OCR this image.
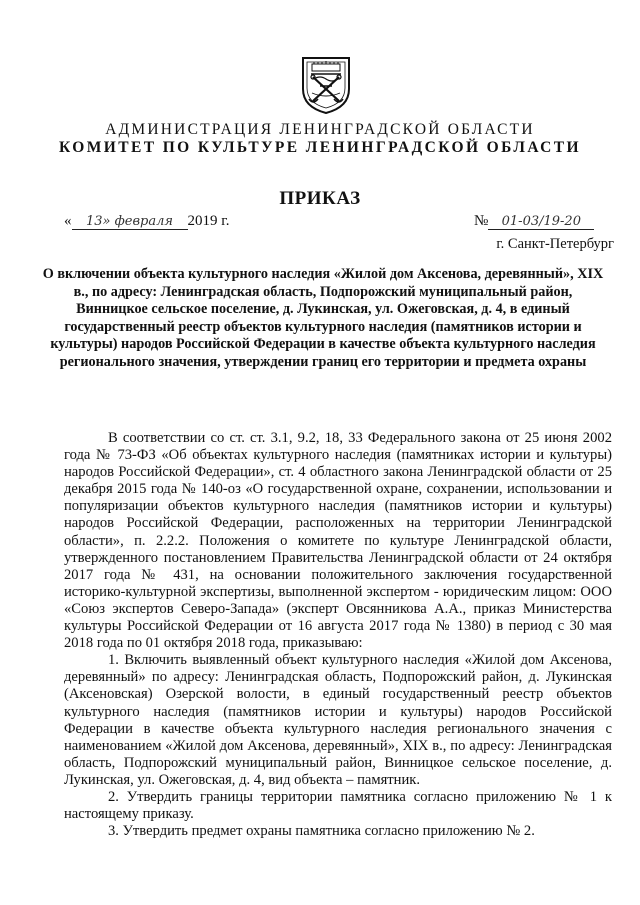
АДМИНИСТРАЦИЯ ЛЕНИНГРАДСКОЙ ОБЛАСТИ
КОМИТЕТ ПО КУЛЬТУРЕ ЛЕНИНГРАДСКОЙ ОБЛАСТИ
ПРИКАЗ
« 13» февраля 2019 г.	№ 01-03/19-20
г. Санкт-Петербург
О включении объекта культурного наследия «Жилой дом Аксенова, деревянный», XIX в., по адресу: Ленинградская область, Подпорожский муниципальный район, Винницкое сельское поселение, д. Лукинская, ул. Ожеговская, д. 4, в единый государственный реестр объектов культурного наследия (памятников истории и культуры) народов Российской Федерации в качестве объекта культурного наследия регионального значения, утверждении границ его территории и предмета охраны

В соответствии со ст. ст. 3.1, 9.2, 18, 33 Федерального закона от 25 июня 2002 года № 73-ФЗ «Об объектах культурного наследия (памятниках истории и культуры) народов Российской Федерации», ст. 4 областного закона Ленинградской области от 25 декабря 2015 года № 140-оз «О государственной охране, сохранении, использовании и популяризации объектов культурного наследия (памятников истории и культуры) народов Российской Федерации, расположенных на территории Ленинградской области», п. 2.2.2. Положения о комитете по культуре Ленинградской области, утвержденного постановлением Правительства Ленинградской области от 24 октября 2017 года № 431, на основании положительного заключения государственной историко-культурной экспертизы, выполненной экспертом - юридическим лицом: ООО «Союз экспертов Северо-Запада» (эксперт Овсянникова А.А., приказ Министерства культуры Российской Федерации от 16 августа 2017 года № 1380) в период с 30 мая 2018 года по 01 октября 2018 года, приказываю:

1. Включить выявленный объект культурного наследия «Жилой дом Аксенова, деревянный» по адресу: Ленинградская область, Подпорожский район, д. Лукинская (Аксеновская) Озерской волости, в единый государственный реестр объектов культурного наследия (памятников истории и культуры) народов Российской Федерации в качестве объекта культурного наследия регионального значения с наименованием «Жилой дом Аксенова, деревянный», XIX в., по адресу: Ленинградская область, Подпорожский муниципальный район, Винницкое сельское поселение, д. Лукинская, ул. Ожеговская, д. 4, вид объекта – памятник.

2. Утвердить границы территории памятника согласно приложению № 1 к настоящему приказу.

3. Утвердить предмет охраны памятника согласно приложению № 2.
